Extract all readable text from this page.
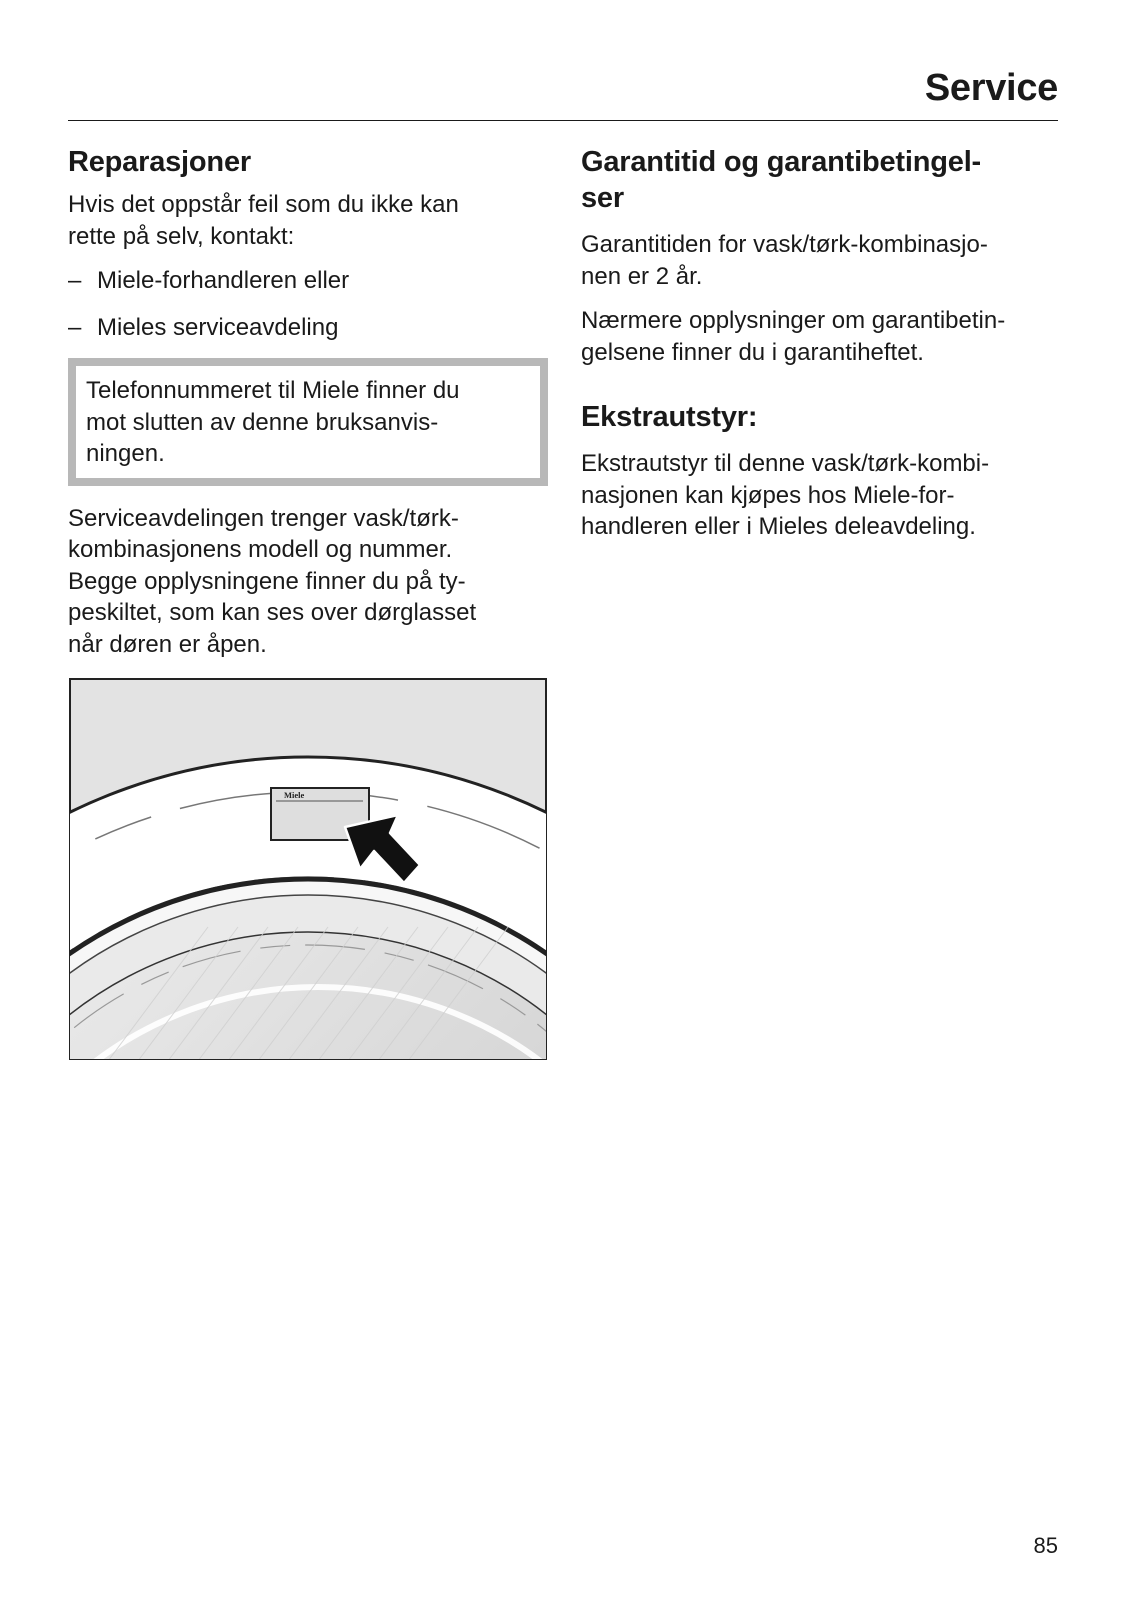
Service
Reparasjoner

Hvis det oppstår feil som du ikke kan
rette på selv, kontakt:

– Miele-forhandleren eller
– Mieles serviceavdeling

Telefonnummeret til Miele finner du
mot slutten av denne bruksanvis-
ningen.

Serviceavdelingen trenger vask/tørk-
kombinasjonens modell og nummer.
Begge opplysningene finner du på ty-
peskiltet, som kan ses over dørglasset
når døren er åpen.

Miele
Garantitid og garantibetingel-
ser

Garantitiden for vask/tørk-kombinasjo-
nen er 2 år.

Nærmere opplysninger om garantibetin-
gelsene finner du i garantiheftet.

Ekstrautstyr:

Ekstrautstyr til denne vask/tørk-kombi-
nasjonen kan kjøpes hos Miele-for-
handleren eller i Mieles deleavdeling.

85
